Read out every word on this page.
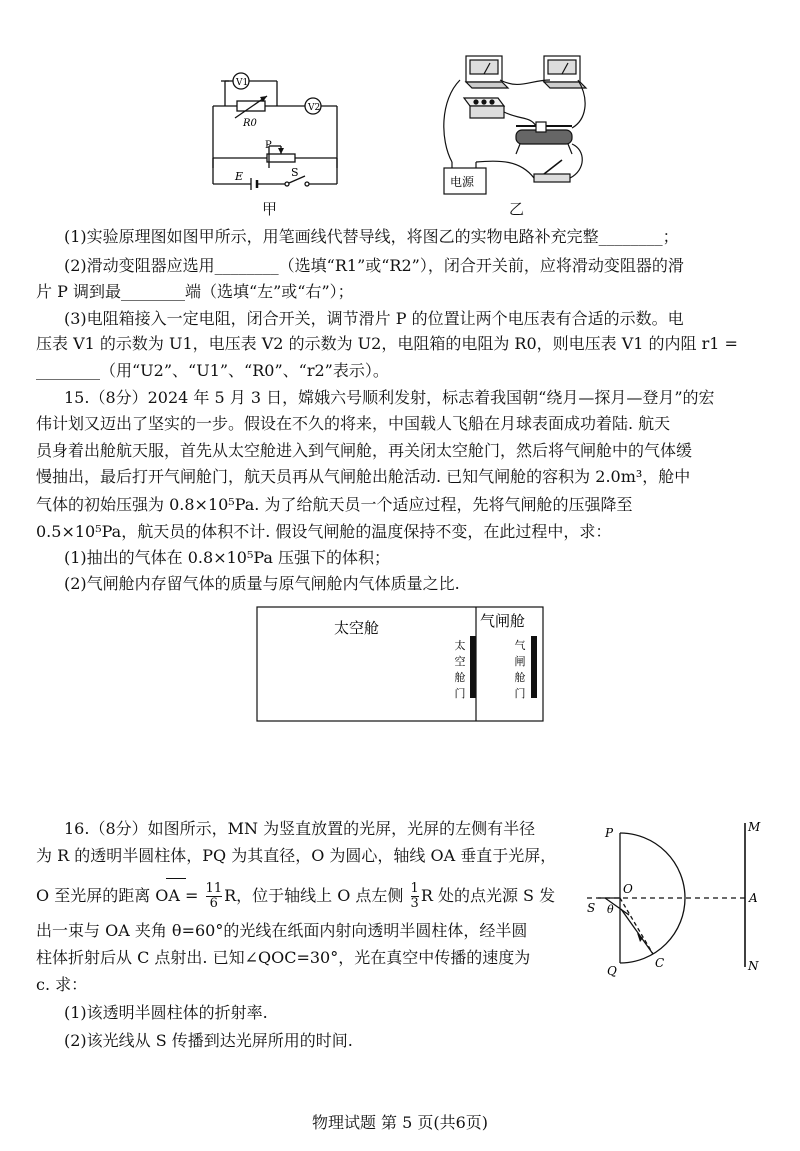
V1
V2
R0
P
E	S
甲
电源
乙
(1)实验原理图如图甲所示，用笔画线代替导线，将图乙的实物电路补充完整________；
(2)滑动变阻器应选用________（选填“R1”或“R2”），闭合开关前，应将滑动变阻器的滑
片 P 调到最________端（选填“左”或“右”）；
(3)电阻箱接入一定电阻，闭合开关，调节滑片 P 的位置让两个电压表有合适的示数。电
压表 V1 的示数为 U1，电压表 V2 的示数为 U2，电阻箱的电阻为 R0，则电压表 V1 的内阻 r1 =
________（用“U2”、“U1”、“R0”、“r2”表示）。
15.（8分）2024 年 5 月 3 日，嫦娥六号顺利发射，标志着我国朝“绕月—探月—登月”的宏
伟计划又迈出了坚实的一步。假设在不久的将来，中国载人飞船在月球表面成功着陆. 航天
员身着出舱航天服，首先从太空舱进入到气闸舱，再关闭太空舱门，然后将气闸舱中的气体缓
慢抽出，最后打开气闸舱门，航天员再从气闸舱出舱活动. 已知气闸舱的容积为 2.0m³，舱中
气体的初始压强为 0.8×10⁵Pa. 为了给航天员一个适应过程，先将气闸舱的压强降至
0.5×10⁵Pa，航天员的体积不计. 假设气闸舱的温度保持不变，在此过程中，求：
(1)抽出的气体在 0.8×10⁵Pa 压强下的体积；
(2)气闸舱内存留气体的质量与原气闸舱内气体质量之比.
太空舱	气闸舱
太
空
舱
门
气
闸
舱
门
16.（8分）如图所示，MN 为竖直放置的光屏，光屏的左侧有半径
为 R 的透明半圆柱体，PQ 为其直径，O 为圆心，轴线 OA 垂直于光屏，
O 至光屏的距离 OA = $\frac{11}{6}$ R，位于轴线上 O 点左侧 $\frac{1}{3}$ R 处的点光源 S 发
出一束与 OA 夹角 θ=60°的光线在纸面内射向透明半圆柱体，经半圆
柱体折射后从 C 点射出. 已知∠QOC=30°，光在真空中传播的速度为
c. 求：
(1)该透明半圆柱体的折射率.
(2)该光线从 S 传播到达光屏所用的时间.
P	M
O
A
S θ
Q
C	N
物理试题 第 5 页(共6页)
